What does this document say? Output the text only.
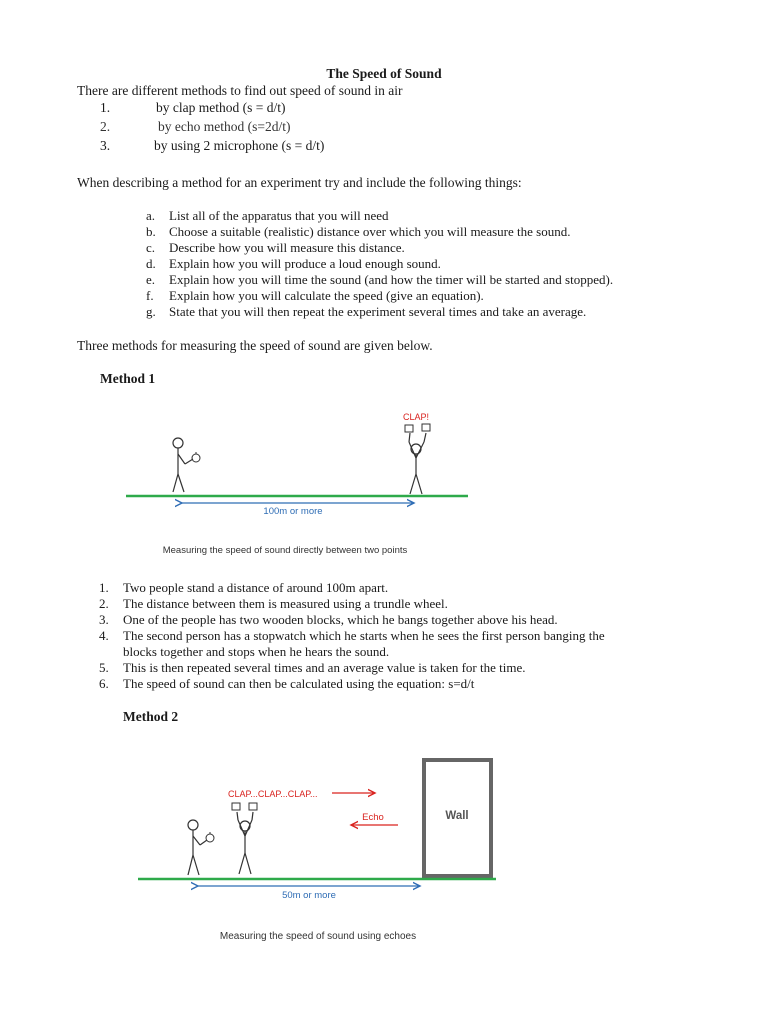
The Speed of Sound
There are different methods to find out speed of sound in air
1.	by clap method (s = d/t)
2.	by echo method (s=2d/t)
3.	by using 2 microphone (s = d/t)
When describing a method for an experiment try and include the following things:
a. List all of the apparatus that you will need
b. Choose a suitable (realistic) distance over which you will measure the sound.
c. Describe how you will measure this distance.
d. Explain how you will produce a loud enough sound.
e. Explain how you will time the sound (and how the timer will be started and stopped).
f. Explain how you will calculate the speed (give an equation).
g. State that you will then repeat the experiment several times and take an average.
Three methods for measuring the speed of sound are given below.
Method 1
CLAP!
100m or more
Measuring the speed of sound directly between two points
Wall
CLAP...CLAP...CLAP...
Echo
50m or more
Measuring the speed of sound using echoes
1. Two people stand a distance of around 100m apart.
2. The distance between them is measured using a trundle wheel.
3. One of the people has two wooden blocks, which he bangs together above his head.
4. The second person has a stopwatch which he starts when he sees the first person banging the
blocks together and stops when he hears the sound.
5. This is then repeated several times and an average value is taken for the time.
6. The speed of sound can then be calculated using the equation: s=d/t
Method 2
